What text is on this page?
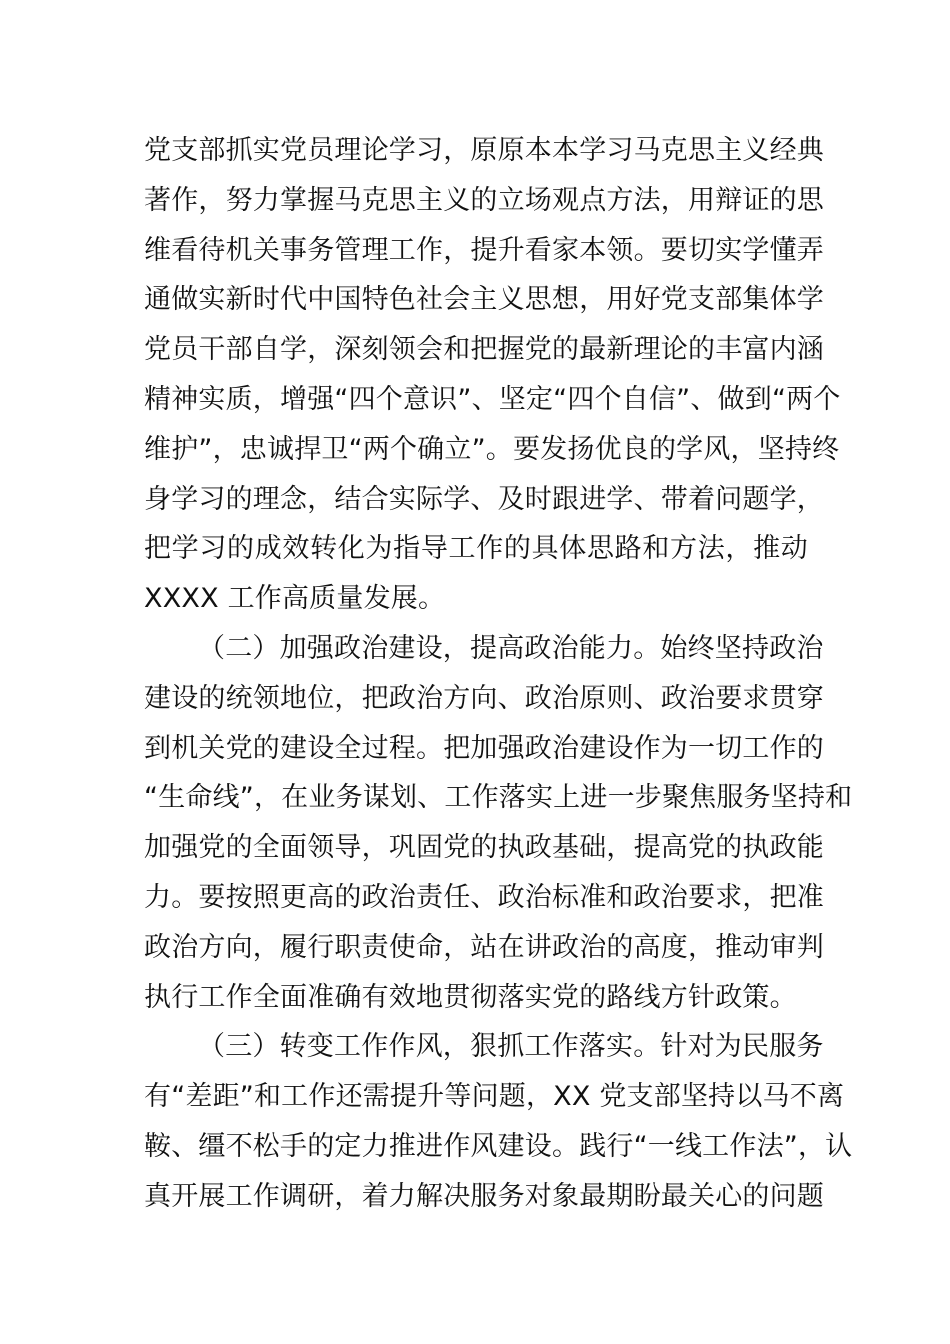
党支部抓实党员理论学习，原原本本学习马克思主义经典
著作，努力掌握马克思主义的立场观点方法，用辩证的思
维看待机关事务管理工作，提升看家本领。要切实学懂弄
通做实新时代中国特色社会主义思想，用好党支部集体学
党员干部自学，深刻领会和把握党的最新理论的丰富内涵
精神实质，增强“四个意识”、坚定“四个自信”、做到“两个
维护”，忠诚捍卫“两个确立”。要发扬优良的学风，坚持终
身学习的理念，结合实际学、及时跟进学、带着问题学，
把学习的成效转化为指导工作的具体思路和方法，推动
XXXX 工作高质量发展。
（二）加强政治建设，提高政治能力。始终坚持政治
建设的统领地位，把政治方向、政治原则、政治要求贯穿
到机关党的建设全过程。把加强政治建设作为一切工作的
“生命线”，在业务谋划、工作落实上进一步聚焦服务坚持和
加强党的全面领导，巩固党的执政基础，提高党的执政能
力。要按照更高的政治责任、政治标准和政治要求，把准
政治方向，履行职责使命，站在讲政治的高度，推动审判
执行工作全面准确有效地贯彻落实党的路线方针政策。
（三）转变工作作风，狠抓工作落实。针对为民服务
有“差距”和工作还需提升等问题，XX 党支部坚持以马不离
鞍、缰不松手的定力推进作风建设。践行“一线工作法”，认
真开展工作调研，着力解决服务对象最期盼最关心的问题
